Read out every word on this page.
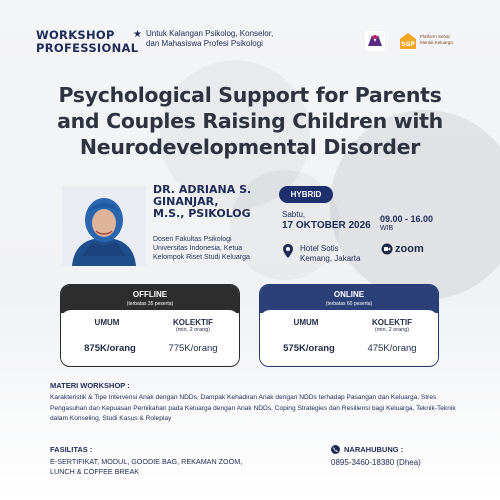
WORKSHOP
PROFESSIONAL
★ Untuk Kalangan Psikolog, Konselor,
dan Mahasiswa Profesi Psikologi	SGP
Platform Sehat Mental Keluarga
Psychological Support for Parents
and Couples Raising Children with
Neurodevelopmental Disorder
DR. ADRIANA S.
GINANJAR,
M.S., PSIKOLOG
Dosen Fakultas Psikologi
Universitas Indonesia, Ketua
Kelompok Riset Studi Keluarga
HYBRID
Sabtu,
17 OKTOBER 2026
09.00 - 16.00
WIB
Hotel Sotis
Kemang, Jakarta
zoom
OFFLINE
(terbatas 35 peserta)
UMUM	KOLEKTIF
(min. 2 orang)
875K/orang	775K/orang
ONLINE
(terbatas 60 peserta)
UMUM	KOLEKTIF
(min. 2 orang)
575K/orang	475K/orang
MATERI WORKSHOP :
Karakteristik & Tipe Intervensi Anak dengan NDDs, Dampak Kehadiran Anak dengan NDDs terhadap Pasangan dan Keluarga, Stres Pengasuhan dan Kepuasan Pernikahan pada Keluarga dengan Anak NDDs, Coping Strategies dan Resiliensi bagi Keluarga, Teknik-Teknik dalam Konseling, Studi Kasus & Roleplay
FASILITAS :
E-SERTIFIKAT, MODUL, GOODIE BAG, REKAMAN ZOOM,
LUNCH & COFFEE BREAK
NARAHUBUNG :
0895-3460-18380 (Dhea)
